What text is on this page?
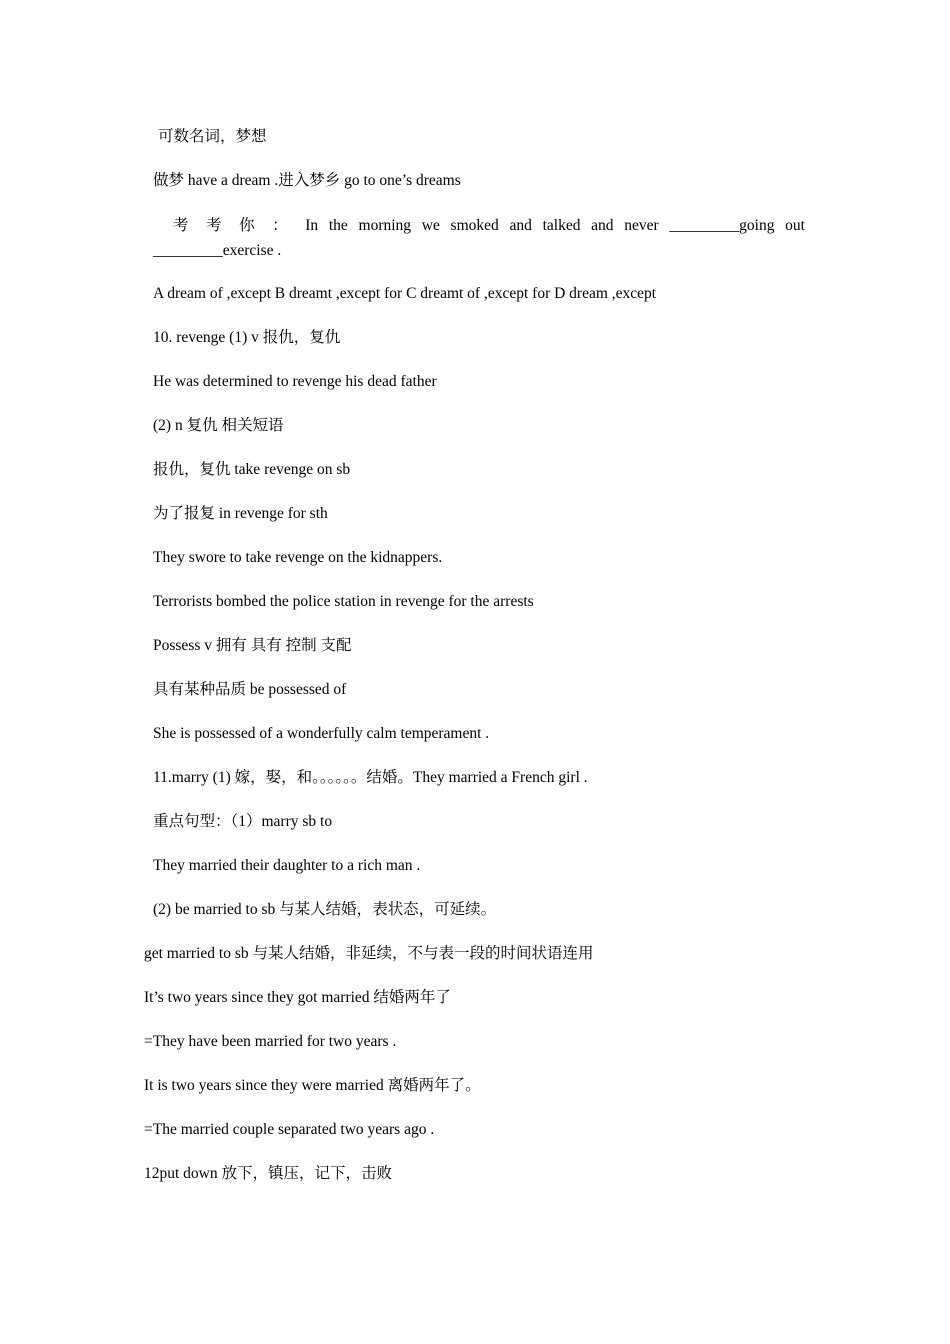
可数名词，梦想
做梦 have a dream .进入梦乡 go to one’s dreams
考 考 你 ： In the morning we smoked and talked and never _________going out
_________exercise .
A dream of ,except B dreamt ,except for C dreamt of ,except for D dream ,except
10. revenge (1) v 报仇，复仇
He was determined to revenge his dead father
(2) n 复仇 相关短语
报仇，复仇 take revenge on sb
为了报复 in revenge for sth
They swore to take revenge on the kidnappers.
Terrorists bombed the police station in revenge for the arrests
Possess v 拥有 具有 控制 支配
具有某种品质 be possessed of
She is possessed of a wonderfully calm temperament .
11.marry (1) 嫁，娶，和。。。。。。结婚。They married a French girl .
重点句型：（1）marry sb to
They married their daughter to a rich man .
(2) be married to sb 与某人结婚，表状态，可延续。
get married to sb 与某人结婚，非延续，不与表一段的时间状语连用
It’s two years since they got married 结婚两年了
=They have been married for two years .
It is two years since they were married 离婚两年了。
=The married couple separated two years ago .
12put down 放下，镇压，记下，击败
